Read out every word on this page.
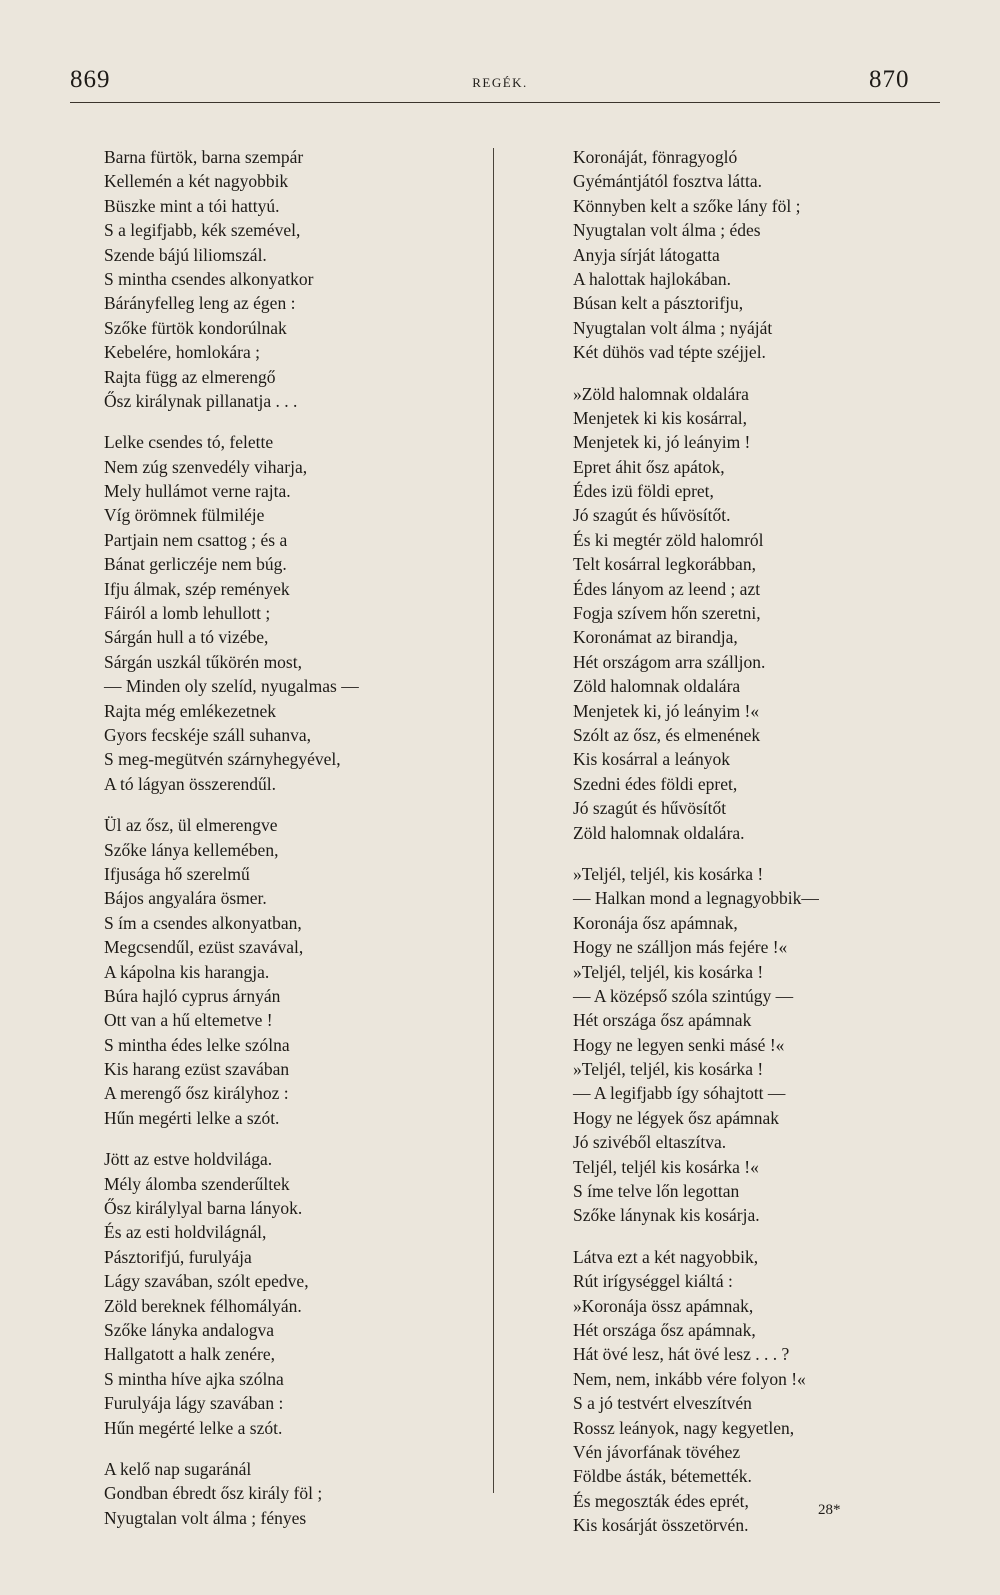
869	REGÉK.	870
Barna fürtök, barna szempár
Kellemén a két nagyobbik
Büszke mint a tói hattyú.
S a legifjabb, kék szemével,
Szende bájú liliomszál.
S mintha csendes alkonyatkor
Bárányfelleg leng az égen :
Szőke fürtök kondorúlnak
Kebelére, homlokára ;
Rajta függ az elmerengő
Ősz királynak pillanatja . . .
Lelke csendes tó, felette
Nem zúg szenvedély viharja,
Mely hullámot verne rajta.
Víg örömnek fülmiléje
Partjain nem csattog ; és a
Bánat gerliczéje nem búg.
Ifju álmak, szép remények
Fáiról a lomb lehullott ;
Sárgán hull a tó vizébe,
Sárgán uszkál tűkörén most,
— Minden oly szelíd, nyugalmas —
Rajta még emlékezetnek
Gyors fecskéje száll suhanva,
S meg-megütvén szárnyhegyével,
A tó lágyan összerendűl.
Ül az ősz, ül elmerengve
Szőke lánya kellemében,
Ifjusága hő szerelmű
Bájos angyalára ösmer.
S ím a csendes alkonyatban,
Megcsendűl, ezüst szavával,
A kápolna kis harangja.
Búra hajló cyprus árnyán
Ott van a hű eltemetve !
S mintha édes lelke szólna
Kis harang ezüst szavában
A merengő ősz királyhoz :
Hűn megérti lelke a szót.
Jött az estve holdvilága.
Mély álomba szenderűltek
Ősz királylyal barna lányok.
És az esti holdvilágnál,
Pásztorifjú, furulyája
Lágy szavában, szólt epedve,
Zöld bereknek félhomályán.
Szőke lányka andalogva
Hallgatott a halk zenére,
S mintha híve ajka szólna
Furulyája lágy szavában :
Hűn megérté lelke a szót.
A kelő nap sugaránál
Gondban ébredt ősz király föl ;
Nyugtalan volt álma ; fényes
Koronáját, fönragyogló
Gyémántjától fosztva látta.
Könnyben kelt a szőke lány föl ;
Nyugtalan volt álma ; édes
Anyja sírját látogatta
A halottak hajlokában.
Búsan kelt a pásztorifju,
Nyugtalan volt álma ; nyáját
Két dühös vad tépte széjjel.
»Zöld halomnak oldalára
Menjetek ki kis kosárral,
Menjetek ki, jó leányim !
Epret áhit ősz apátok,
Édes izü földi epret,
Jó szagút és hűvösítőt.
És ki megtér zöld halomról
Telt kosárral legkorábban,
Édes lányom az leend ; azt
Fogja szívem hőn szeretni,
Koronámat az birandja,
Hét országom arra szálljon.
Zöld halomnak oldalára
Menjetek ki, jó leányim !«
Szólt az ősz, és elmenének
Kis kosárral a leányok
Szedni édes földi epret,
Jó szagút és hűvösítőt
Zöld halomnak oldalára.
»Teljél, teljél, kis kosárka !
— Halkan mond a legnagyobbik—
Koronája ősz apámnak,
Hogy ne szálljon más fejére !«
»Teljél, teljél, kis kosárka !
— A középső szóla szintúgy —
Hét országa ősz apámnak
Hogy ne legyen senki másé !«
»Teljél, teljél, kis kosárka !
— A legifjabb így sóhajtott —
Hogy ne légyek ősz apámnak
Jó szivéből eltaszítva.
Teljél, teljél kis kosárka !«
S íme telve lőn legottan
Szőke lánynak kis kosárja.
Látva ezt a két nagyobbik,
Rút irígységgel kiáltá :
»Koronája össz apámnak,
Hét országa ősz apámnak,
Hát övé lesz, hát övé lesz . . . ?
Nem, nem, inkább vére folyon !«
S a jó testvért elveszítvén
Rossz leányok, nagy kegyetlen,
Vén jávorfának tövéhez
Földbe ásták, bétemették.
És megoszták édes eprét,
Kis kosárját összetörvén.
28*
